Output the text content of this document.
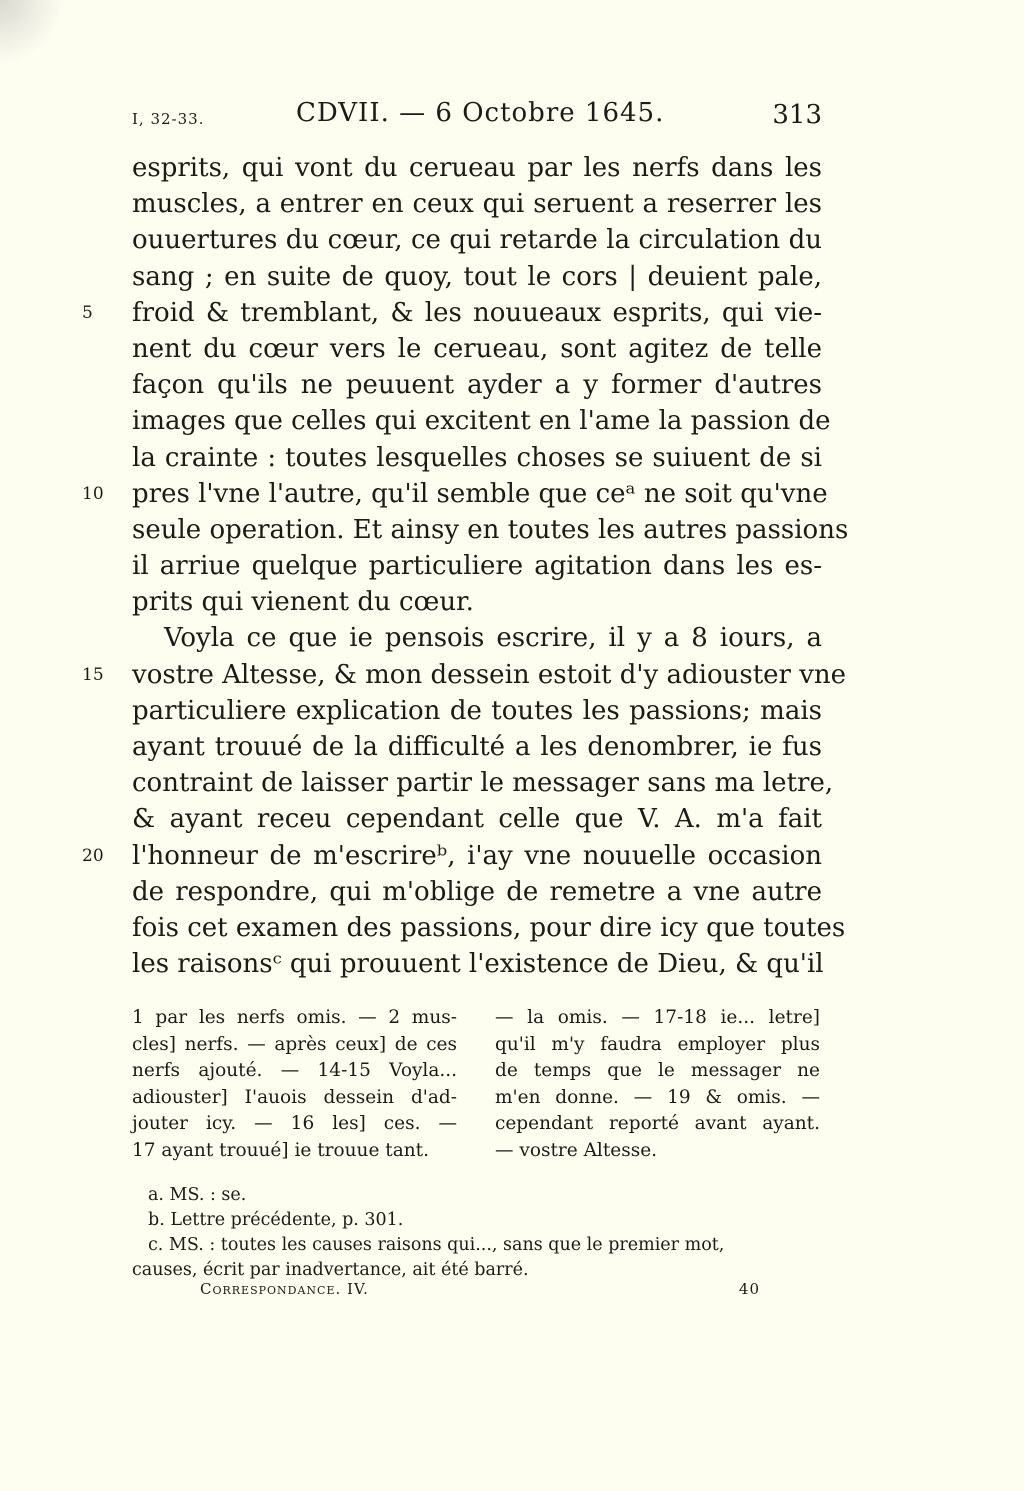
I, 32-33.	CDVII. — 6 Octobre 1645.	313
esprits, qui vont du cerueau par les nerfs dans les
muscles, a entrer en ceux qui seruent a reserrer les
ouuertures du cœur, ce qui retarde la circulation du
sang ; en suite de quoy, tout le cors | deuient pale,
5	froid & tremblant, & les nouueaux esprits, qui vie-
nent du cœur vers le cerueau, sont agitez de telle
façon qu'ils ne peuuent ayder a y former d'autres
images que celles qui excitent en l'ame la passion de
la crainte : toutes lesquelles choses se suiuent de si
10	pres l'vne l'autre, qu'il semble que ceᵃ ne soit qu'vne
seule operation. Et ainsy en toutes les autres passions
il arriue quelque particuliere agitation dans les es-
prits qui vienent du cœur.
Voyla ce que ie pensois escrire, il y a 8 iours, a
15	vostre Altesse, & mon dessein estoit d'y adiouster vne
particuliere explication de toutes les passions; mais
ayant trouué de la difficulté a les denombrer, ie fus
contraint de laisser partir le messager sans ma letre,
& ayant receu cependant celle que V. A. m'a fait
20	l'honneur de m'escrireᵇ, i'ay vne nouuelle occasion
de respondre, qui m'oblige de remetre a vne autre
fois cet examen des passions, pour dire icy que toutes
les raisonsᶜ qui prouuent l'existence de Dieu, & qu'il
1 par les nerfs omis. — 2 mus-
cles] nerfs. — après ceux] de ces
nerfs ajouté. — 14-15 Voyla...
adiouster] I'auois dessein d'ad-
jouter icy. — 16 les] ces. —
17 ayant trouué] ie trouue tant.
— la omis. — 17-18 ie... letre]
qu'il m'y faudra employer plus
de temps que le messager ne
m'en donne. — 19 & omis. —
cependant reporté avant ayant.
— vostre Altesse.
a. MS. : se.
b. Lettre précédente, p. 301.
c. MS. : toutes les causes raisons qui..., sans que le premier mot,
causes, écrit par inadvertance, ait été barré.
Correspondance. IV.	40
